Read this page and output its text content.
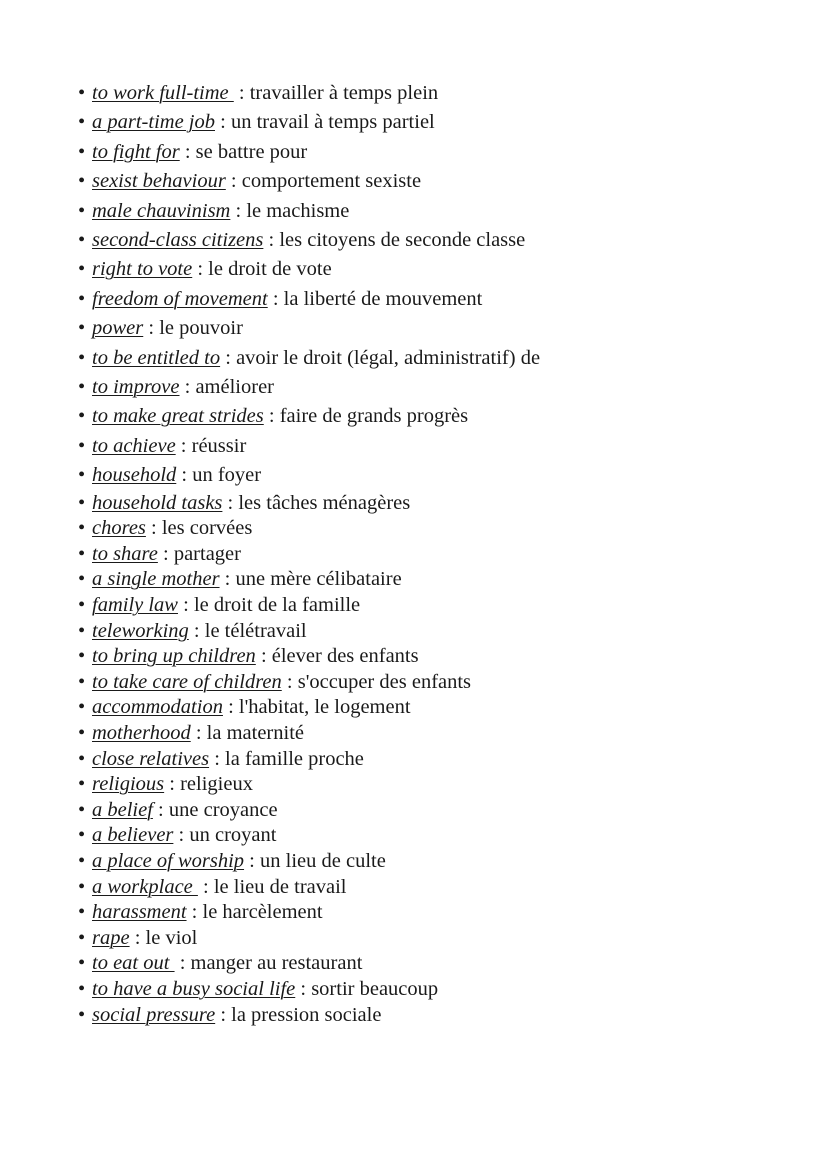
• to work full-time  : travailler à temps plein
• a part-time job : un travail à temps partiel
• to fight for : se battre pour
• sexist behaviour : comportement sexiste
• male chauvinism : le machisme
• second-class citizens : les citoyens de seconde classe
• right to vote : le droit de vote
• freedom of movement : la liberté de mouvement
• power : le pouvoir
• to be entitled to : avoir le droit (légal, administratif) de
• to improve : améliorer
• to make great strides : faire de grands progrès
• to achieve : réussir
• household : un foyer
• household tasks : les tâches ménagères
• chores : les corvées
• to share : partager
• a single mother : une mère célibataire
• family law : le droit de la famille
• teleworking : le télétravail
• to bring up children : élever des enfants
• to take care of children : s'occuper des enfants
• accommodation : l'habitat, le logement
• motherhood : la maternité
• close relatives : la famille proche
• religious : religieux
• a belief : une croyance
• a believer : un croyant
• a place of worship : un lieu de culte
• a workplace  : le lieu de travail
• harassment : le harcèlement
• rape : le viol
• to eat out  : manger au restaurant
• to have a busy social life : sortir beaucoup
• social pressure : la pression sociale
